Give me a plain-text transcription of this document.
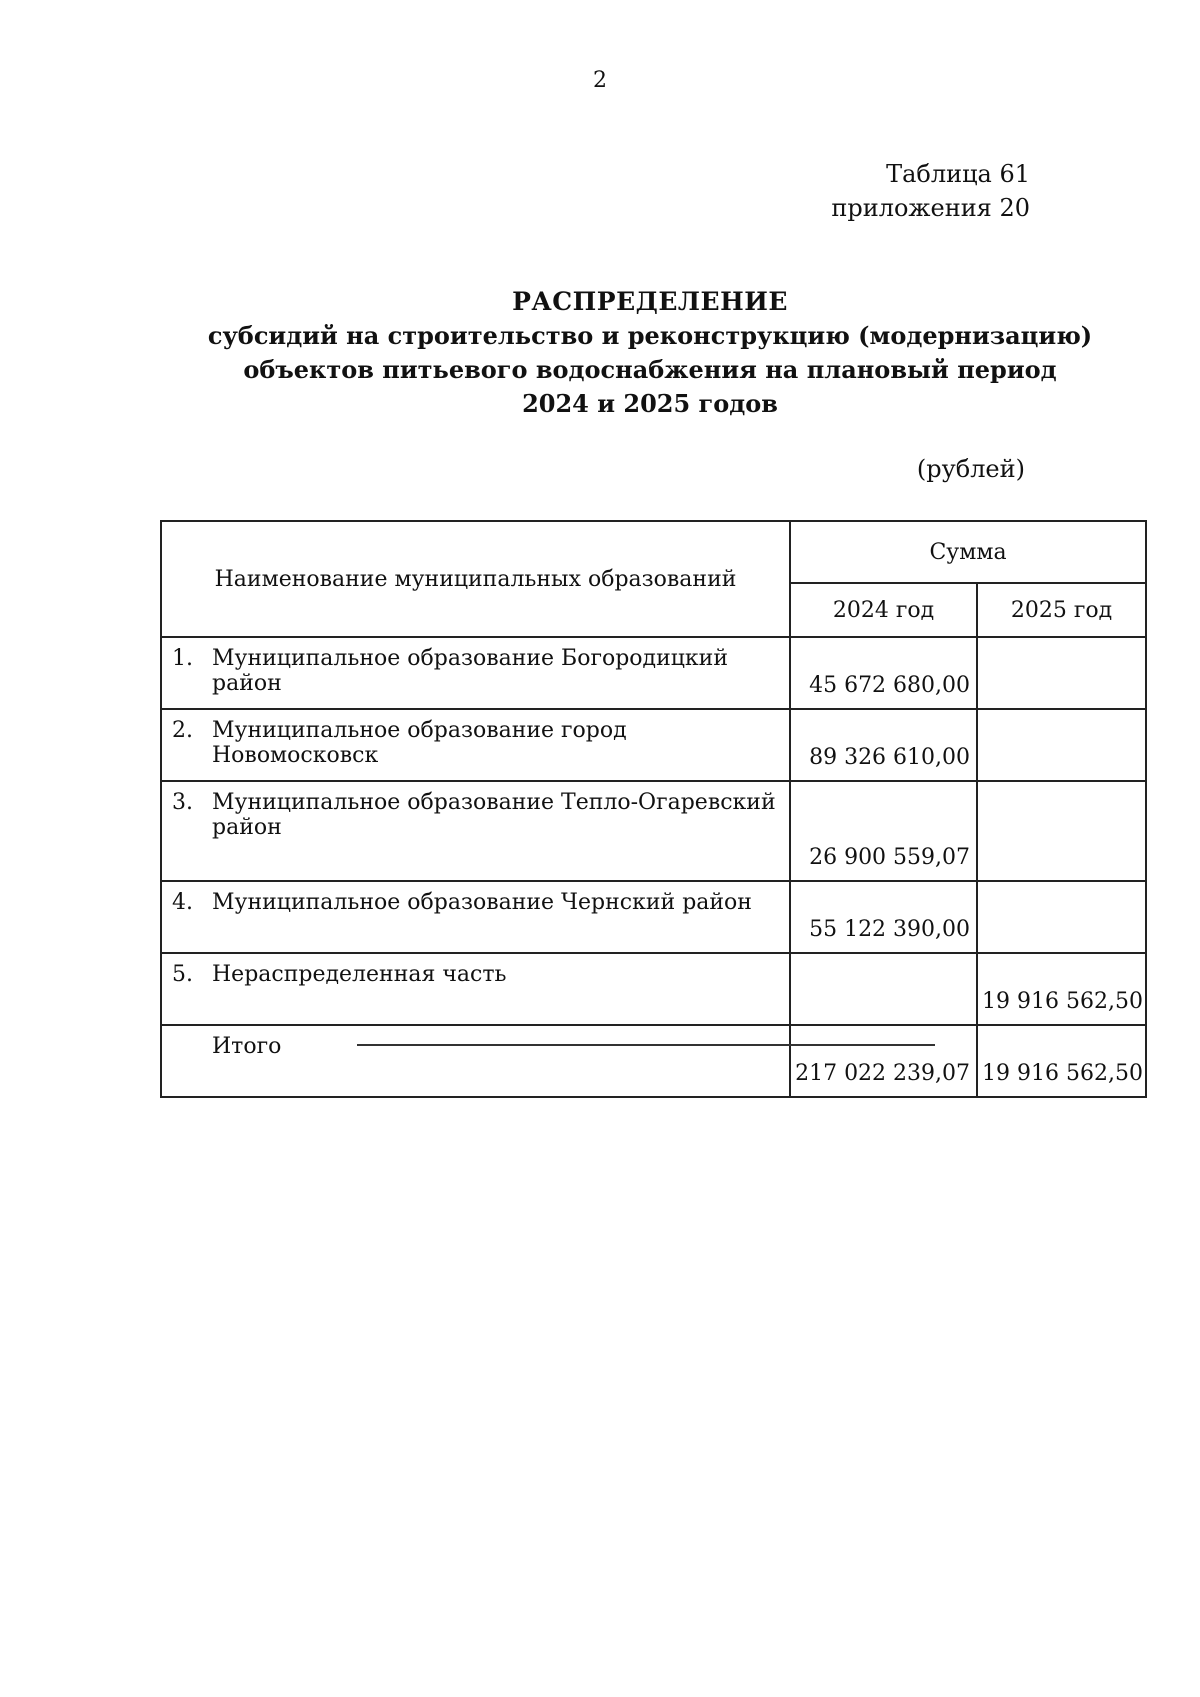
2
Таблица 61
приложения 20
РАСПРЕДЕЛЕНИЕ
субсидий на строительство и реконструкцию (модернизацию)
объектов питьевого водоснабжения на плановый период
2024 и 2025 годов
(рублей)
Наименование муниципальных образований	Сумма	
	2024 год	2025 год

1. Муниципальное образование Богородицкий район	45 672 680,00	

2. Муниципальное образование город Новомосковск	89 326 610,00	

3. Муниципальное образование Тепло-Огаревский район	26 900 559,07	

4. Муниципальное образование Чернский район	55 122 390,00	

5. Нераспределенная часть		19 916 562,50

Итого	217 022 239,07	19 916 562,50
